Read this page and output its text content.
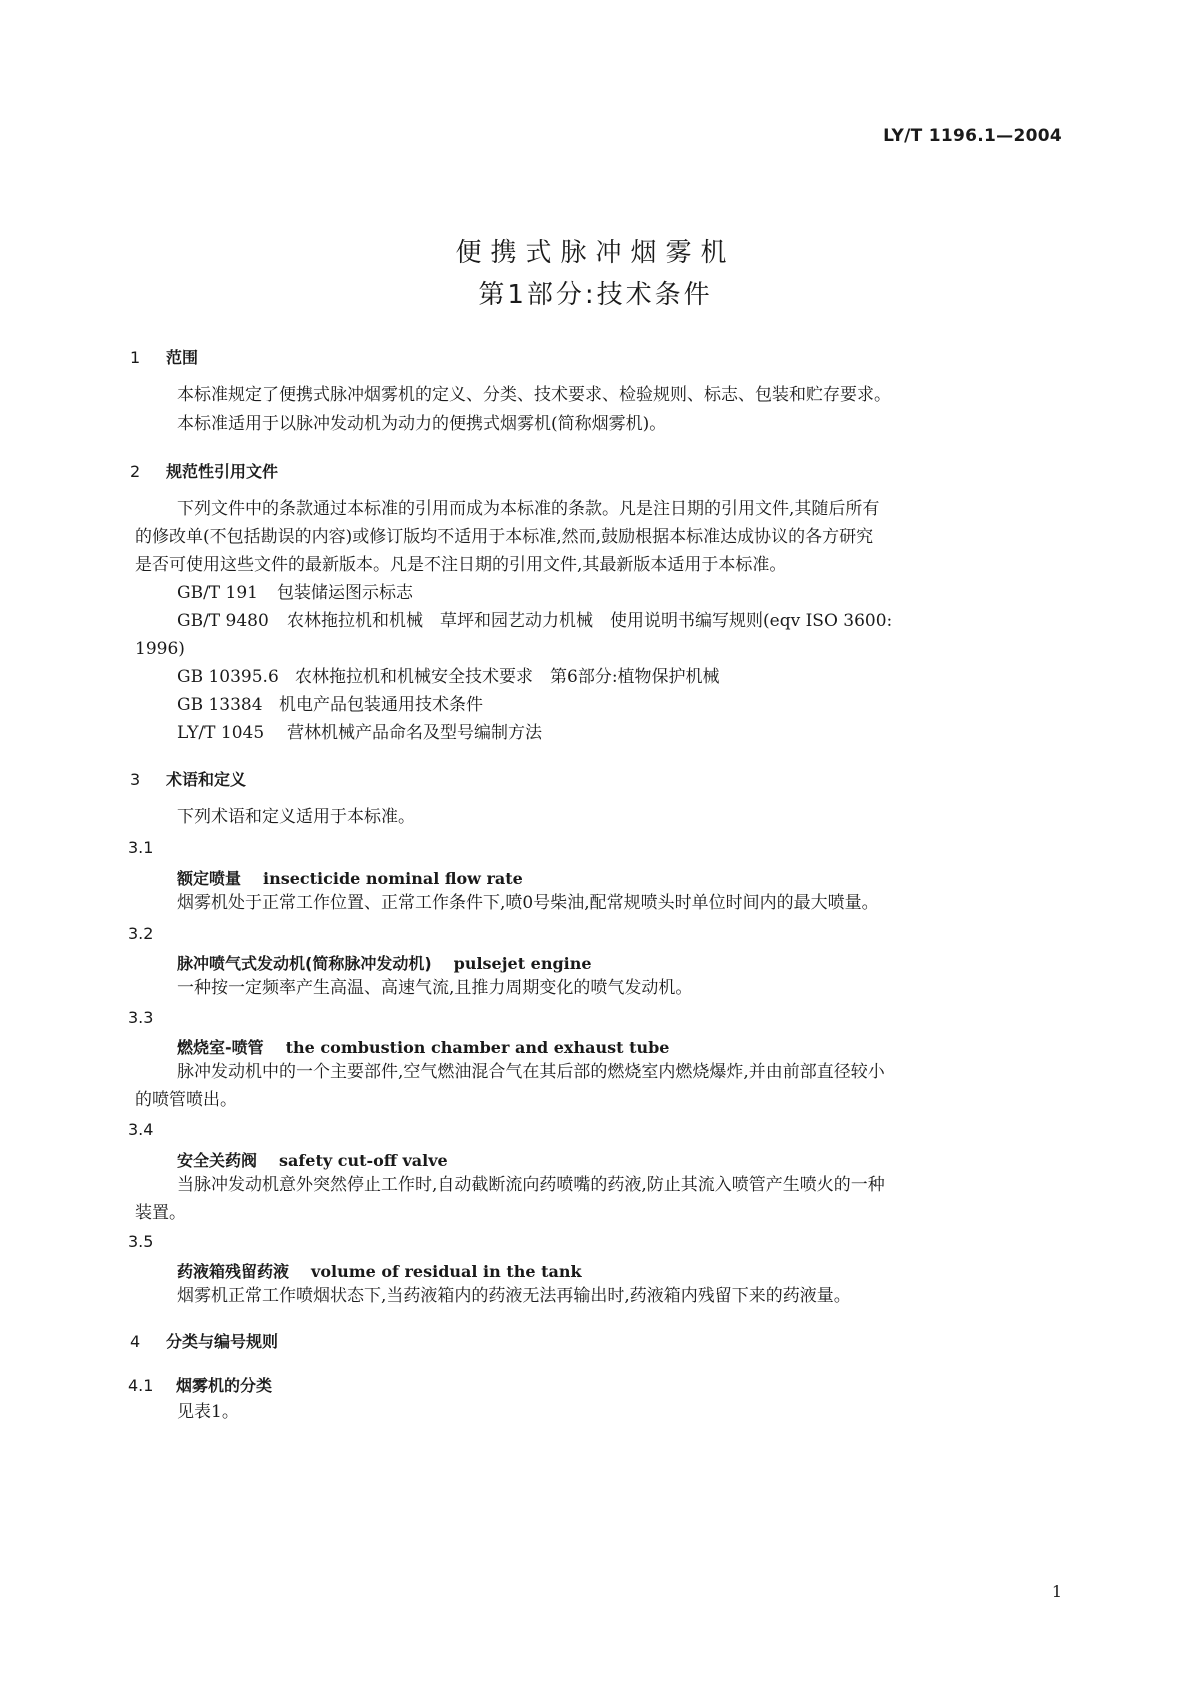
LY/T 1196.1—2004
便携式脉冲烟雾机
第1部分:技术条件
1 范围
本标准规定了便携式脉冲烟雾机的定义、分类、技术要求、检验规则、标志、包装和贮存要求。
本标准适用于以脉冲发动机为动力的便携式烟雾机(简称烟雾机)。
2 规范性引用文件
下列文件中的条款通过本标准的引用而成为本标准的条款。凡是注日期的引用文件,其随后所有
的修改单(不包括勘误的内容)或修订版均不适用于本标准,然而,鼓励根据本标准达成协议的各方研究
是否可使用这些文件的最新版本。凡是不注日期的引用文件,其最新版本适用于本标准。
GB/T 191 包装储运图示标志
GB/T 9480 农林拖拉机和机械　草坪和园艺动力机械　使用说明书编写规则(eqv ISO 3600:
1996)
GB 10395.6 农林拖拉机和机械安全技术要求　第6部分:植物保护机械
GB 13384 机电产品包装通用技术条件
LY/T 1045 营林机械产品命名及型号编制方法
3 术语和定义
下列术语和定义适用于本标准。
3.1
额定喷量 insecticide nominal flow rate
烟雾机处于正常工作位置、正常工作条件下,喷0号柴油,配常规喷头时单位时间内的最大喷量。
3.2
脉冲喷气式发动机(简称脉冲发动机) pulsejet engine
一种按一定频率产生高温、高速气流,且推力周期变化的喷气发动机。
3.3
燃烧室-喷管 the combustion chamber and exhaust tube
脉冲发动机中的一个主要部件,空气燃油混合气在其后部的燃烧室内燃烧爆炸,并由前部直径较小
的喷管喷出。
3.4
安全关药阀 safety cut-off valve
当脉冲发动机意外突然停止工作时,自动截断流向药喷嘴的药液,防止其流入喷管产生喷火的一种
装置。
3.5
药液箱残留药液 volume of residual in the tank
烟雾机正常工作喷烟状态下,当药液箱内的药液无法再输出时,药液箱内残留下来的药液量。
4 分类与编号规则
4.1 烟雾机的分类
见表1。
1
